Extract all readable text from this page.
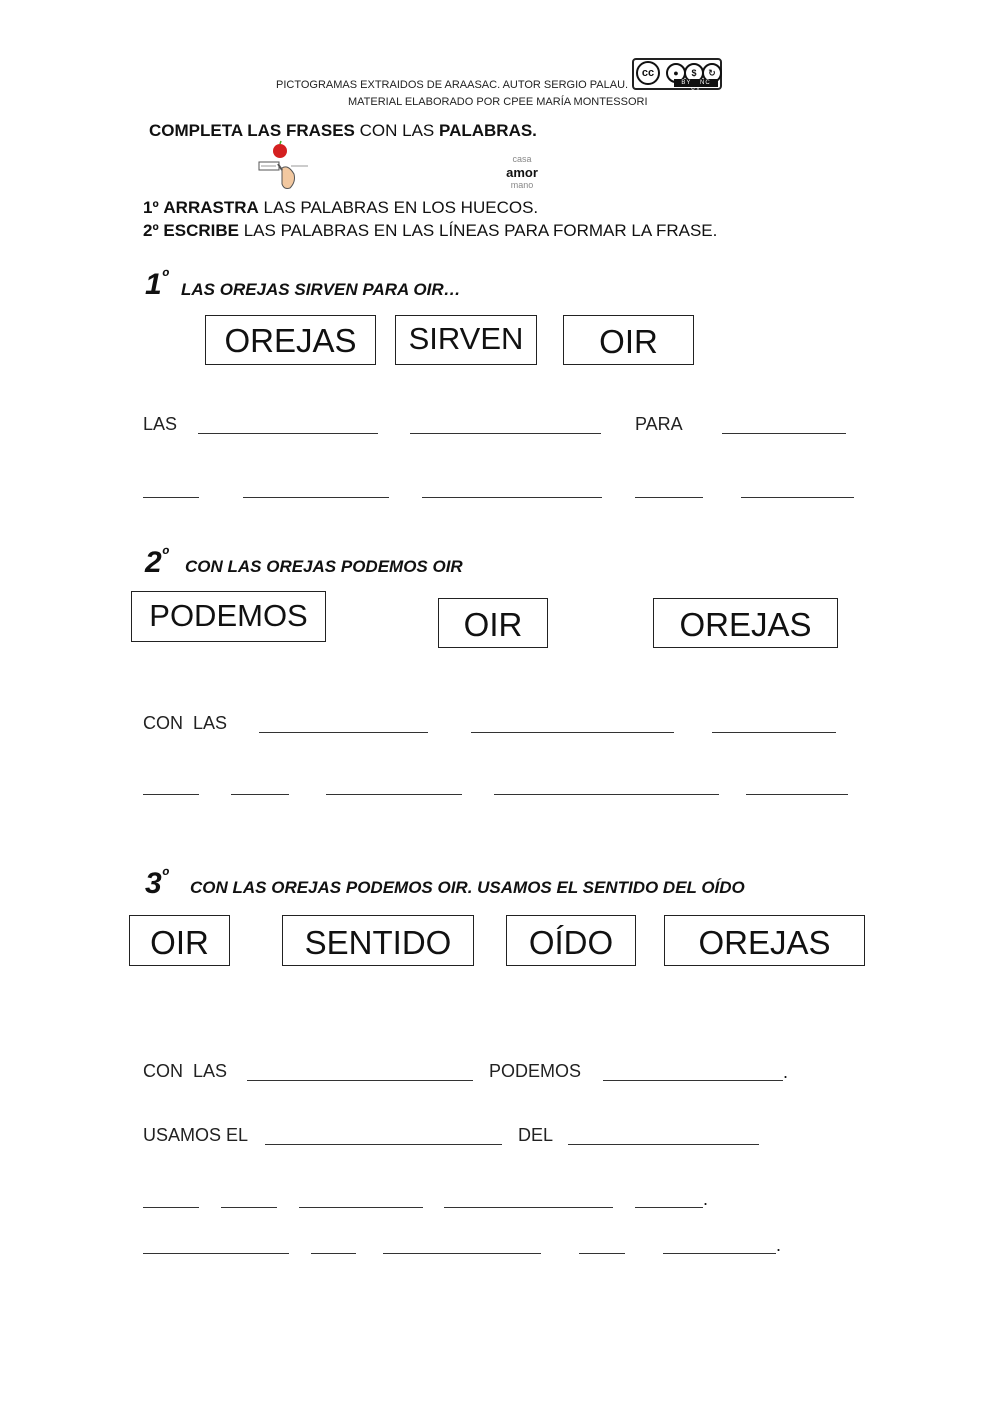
PICTOGRAMAS EXTRAIDOS DE ARAASAC. AUTOR SERGIO PALAU.
MATERIAL ELABORADO POR CPEE MARÍA MONTESSORI
cc	●	$	↻
BY NC SA
COMPLETA LAS FRASES CON LAS PALABRAS.
casa
amor
mano
1º ARRASTRA LAS PALABRAS EN LOS HUECOS.
2º ESCRIBE LAS PALABRAS EN LAS LÍNEAS PARA FORMAR LA FRASE.
$1^º$
LAS OREJAS SIRVEN PARA OIR…
OREJAS	SIRVEN	OIR
LAS	PARA
$2^º$
CON LAS OREJAS PODEMOS OIR
PODEMOS	OIR	OREJAS
CON  LAS
$3^º$
CON LAS OREJAS PODEMOS OIR. USAMOS EL SENTIDO DEL OÍDO
OIR	SENTIDO	OÍDO	OREJAS
CON  LAS	PODEMOS	.
USAMOS EL	DEL
.
.
